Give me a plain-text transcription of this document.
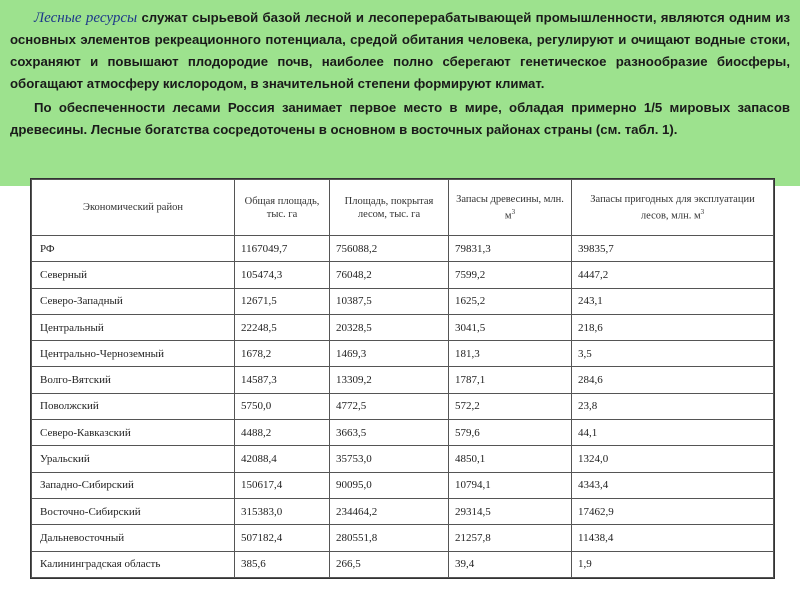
Лесные ресурсы служат сырьевой базой лесной и лесоперерабатывающей промышленности, являются одним из основных элементов рекреационного потенциала, средой обитания человека, регулируют и очищают водные стоки, сохраняют и повышают плодородие почв, наиболее полно сберегают генетическое разнообразие биосферы, обогащают атмосферу кислородом, в значительной степени формируют климат.

По обеспеченности лесами Россия занимает первое место в мире, обладая примерно 1/5 мировых запасов древесины. Лесные богатства сосредоточены в основном в восточных районах страны (см. табл. 1).

Экономический район	Общая площадь, тыс. га	Площадь, покрытая лесом, тыс. га	Запасы древесины, млн. $м^3$	Запасы пригодных для эксплуатации лесов, млн. $м^3$
РФ	1167049,7	756088,2	79831,3	39835,7
Северный	105474,3	76048,2	7599,2	4447,2
Северо-Западный	12671,5	10387,5	1625,2	243,1
Центральный	22248,5	20328,5	3041,5	218,6
Центрально-Черноземный	1678,2	1469,3	181,3	3,5
Волго-Вятский	14587,3	13309,2	1787,1	284,6
Поволжский	5750,0	4772,5	572,2	23,8
Северо-Кавказский	4488,2	3663,5	579,6	44,1
Уральский	42088,4	35753,0	4850,1	1324,0
Западно-Сибирский	150617,4	90095,0	10794,1	4343,4
Восточно-Сибирский	315383,0	234464,2	29314,5	17462,9
Дальневосточный	507182,4	280551,8	21257,8	11438,4
Калининградская область	385,6	266,5	39,4	1,9
